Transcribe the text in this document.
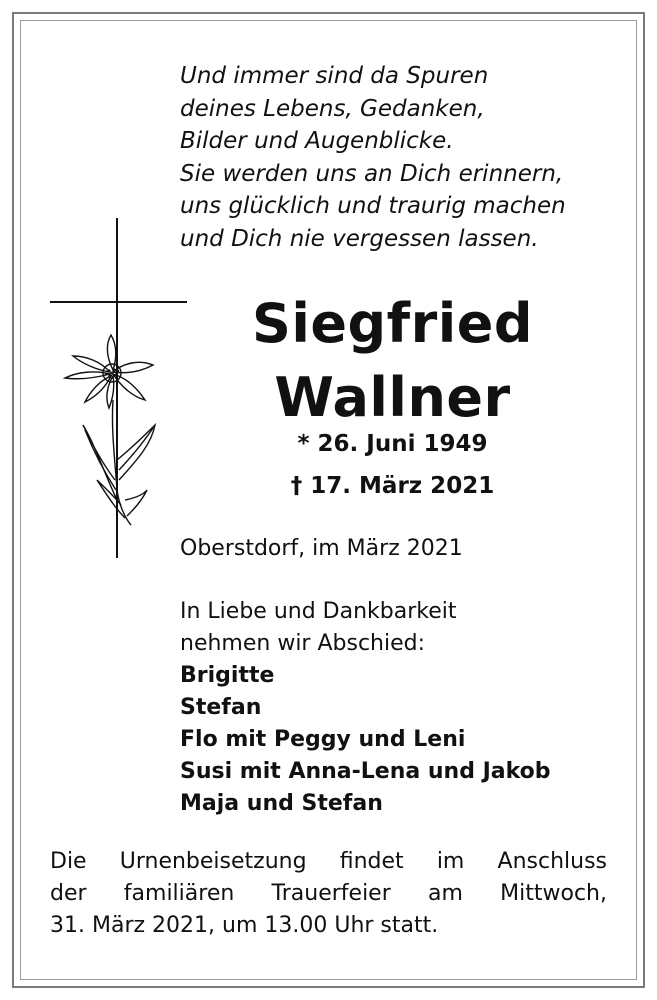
Und immer sind da Spuren
deines Lebens, Gedanken,
Bilder und Augenblicke.
Sie werden uns an Dich erinnern,
uns glücklich und traurig machen
und Dich nie vergessen lassen.
Siegfried
Wallner
* 26. Juni 1949
† 17. März 2021
Oberstdorf, im März 2021
In Liebe und Dankbarkeit
nehmen wir Abschied:
Brigitte
Stefan
Flo mit Peggy und Leni
Susi mit Anna-Lena und Jakob
Maja und Stefan
Die Urnenbeisetzung findet im Anschluss
der familiären Trauerfeier am Mittwoch,
31. März 2021, um 13.00 Uhr statt.
